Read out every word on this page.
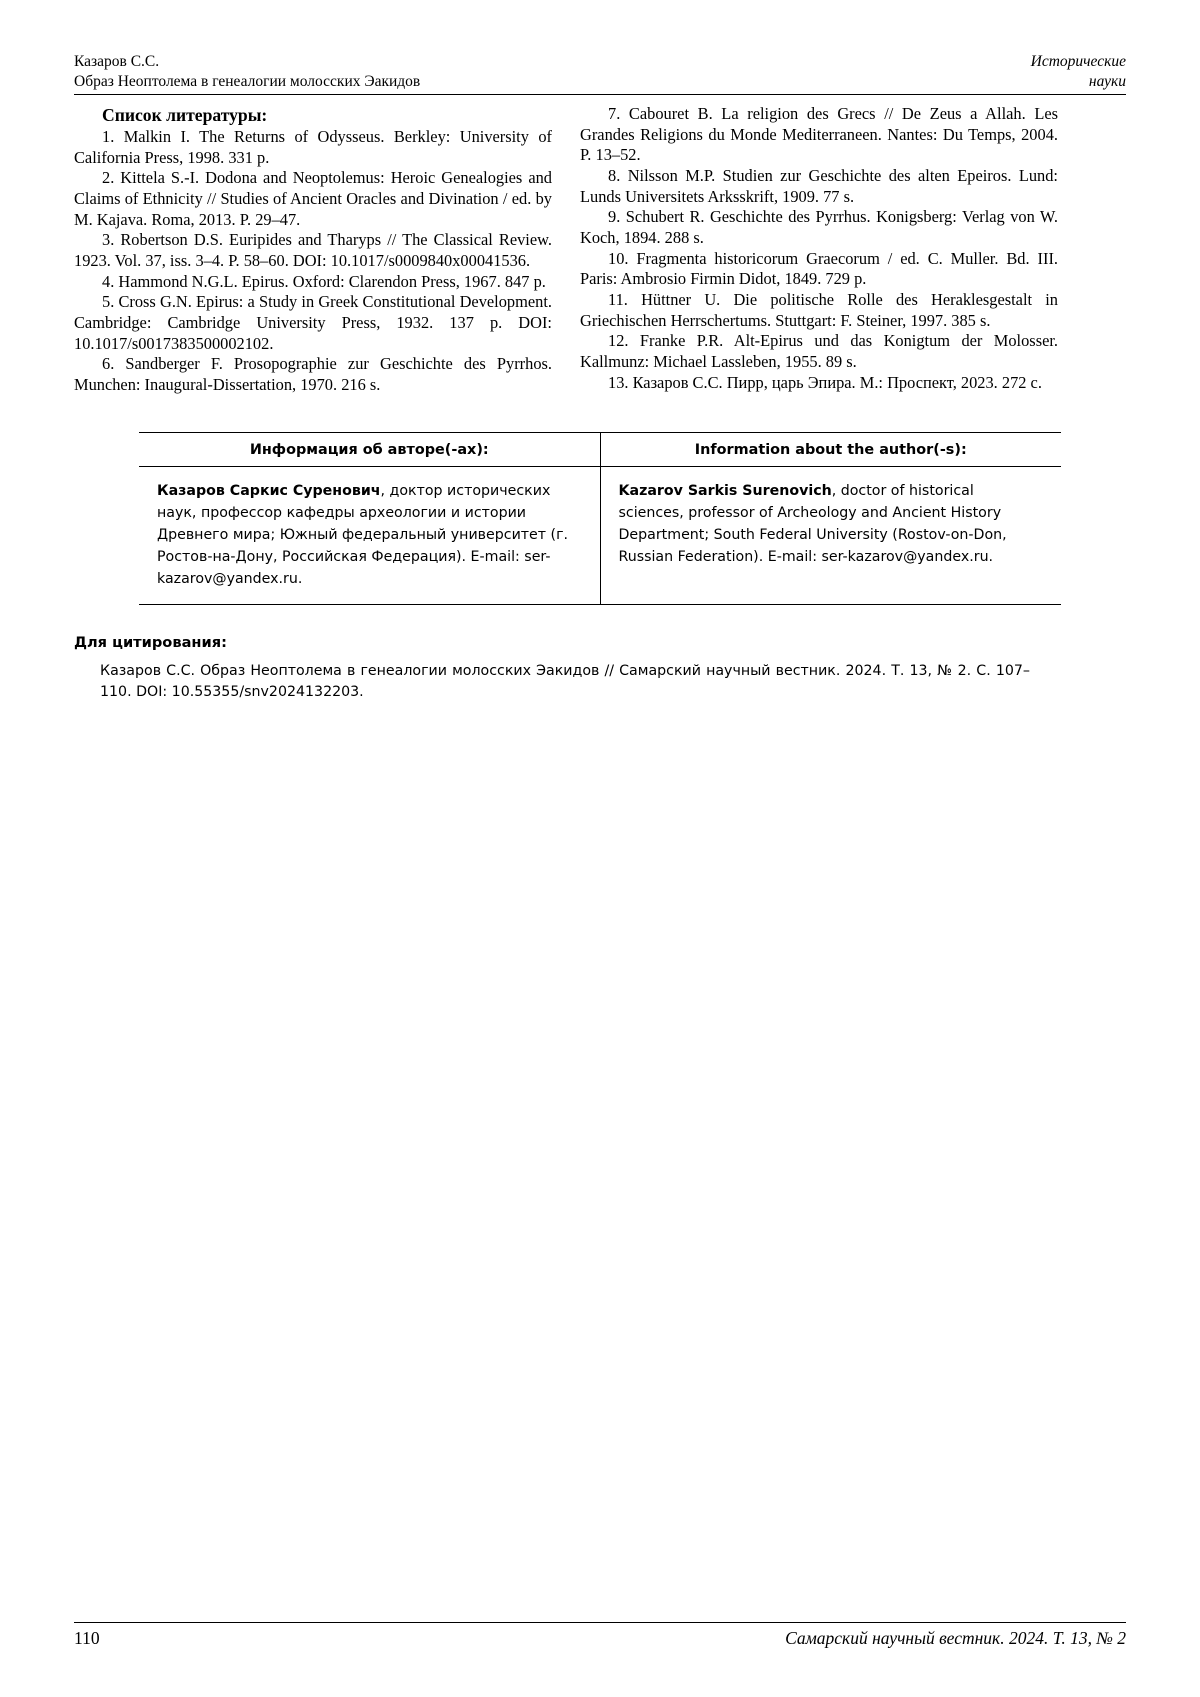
Казаров С.С.
Образ Неоптолема в генеалогии молосских Эакидов
Исторические
науки
Список литературы:

1. Malkin I. The Returns of Odysseus. Berkley: University of California Press, 1998. 331 p.

2. Kittela S.-I. Dodona and Neoptolemus: Heroic Genealogies and Claims of Ethnicity // Studies of Ancient Oracles and Divination / ed. by M. Kajava. Roma, 2013. P. 29–47.

3. Robertson D.S. Euripides and Tharyps // The Classical Review. 1923. Vol. 37, iss. 3–4. P. 58–60. DOI: 10.1017/s0009840x00041536.

4. Hammond N.G.L. Epirus. Oxford: Clarendon Press, 1967. 847 p.

5. Cross G.N. Epirus: a Study in Greek Constitutional Development. Cambridge: Cambridge University Press, 1932. 137 p. DOI: 10.1017/s0017383500002102.

6. Sandberger F. Prosopographie zur Geschichte des Pyrrhos. Munchen: Inaugural-Dissertation, 1970. 216 s.

7. Cabouret B. La religion des Grecs // De Zeus a Allah. Les Grandes Religions du Monde Mediterraneen. Nantes: Du Temps, 2004. P. 13–52.

8. Nilsson M.P. Studien zur Geschichte des alten Epeiros. Lund: Lunds Universitets Arksskrift, 1909. 77 s.

9. Schubert R. Geschichte des Pyrrhus. Konigsberg: Verlag von W. Koch, 1894. 288 s.

10. Fragmenta historicorum Graecorum / ed. C. Muller. Bd. III. Paris: Ambrosio Firmin Didot, 1849. 729 p.

11. Hüttner U. Die politische Rolle des Heraklesgestalt in Griechischen Herrschertums. Stuttgart: F. Steiner, 1997. 385 s.

12. Franke P.R. Alt-Epirus und das Konigtum der Molosser. Kallmunz: Michael Lassleben, 1955. 89 s.

13. Казаров С.С. Пирр, царь Эпира. М.: Проспект, 2023. 272 с.

Информация об авторе(-ах):	Information about the author(-s):
Казаров Саркис Суренович, доктор исторических наук, профессор кафедры археологии и истории Древнего мира; Южный федеральный университет (г. Ростов-на-Дону, Российская Федерация). E-mail: ser-kazarov@yandex.ru.	Kazarov Sarkis Surenovich, doctor of historical sciences, professor of Archeology and Ancient History Department; South Federal University (Rostov-on-Don, Russian Federation). E-mail: ser-kazarov@yandex.ru.
Для цитирования:
Казаров С.С. Образ Неоптолема в генеалогии молосских Эакидов // Самарский научный вестник. 2024. Т. 13, № 2. С. 107–110. DOI: 10.55355/snv2024132203.
110	Самарский научный вестник. 2024. Т. 13, № 2
